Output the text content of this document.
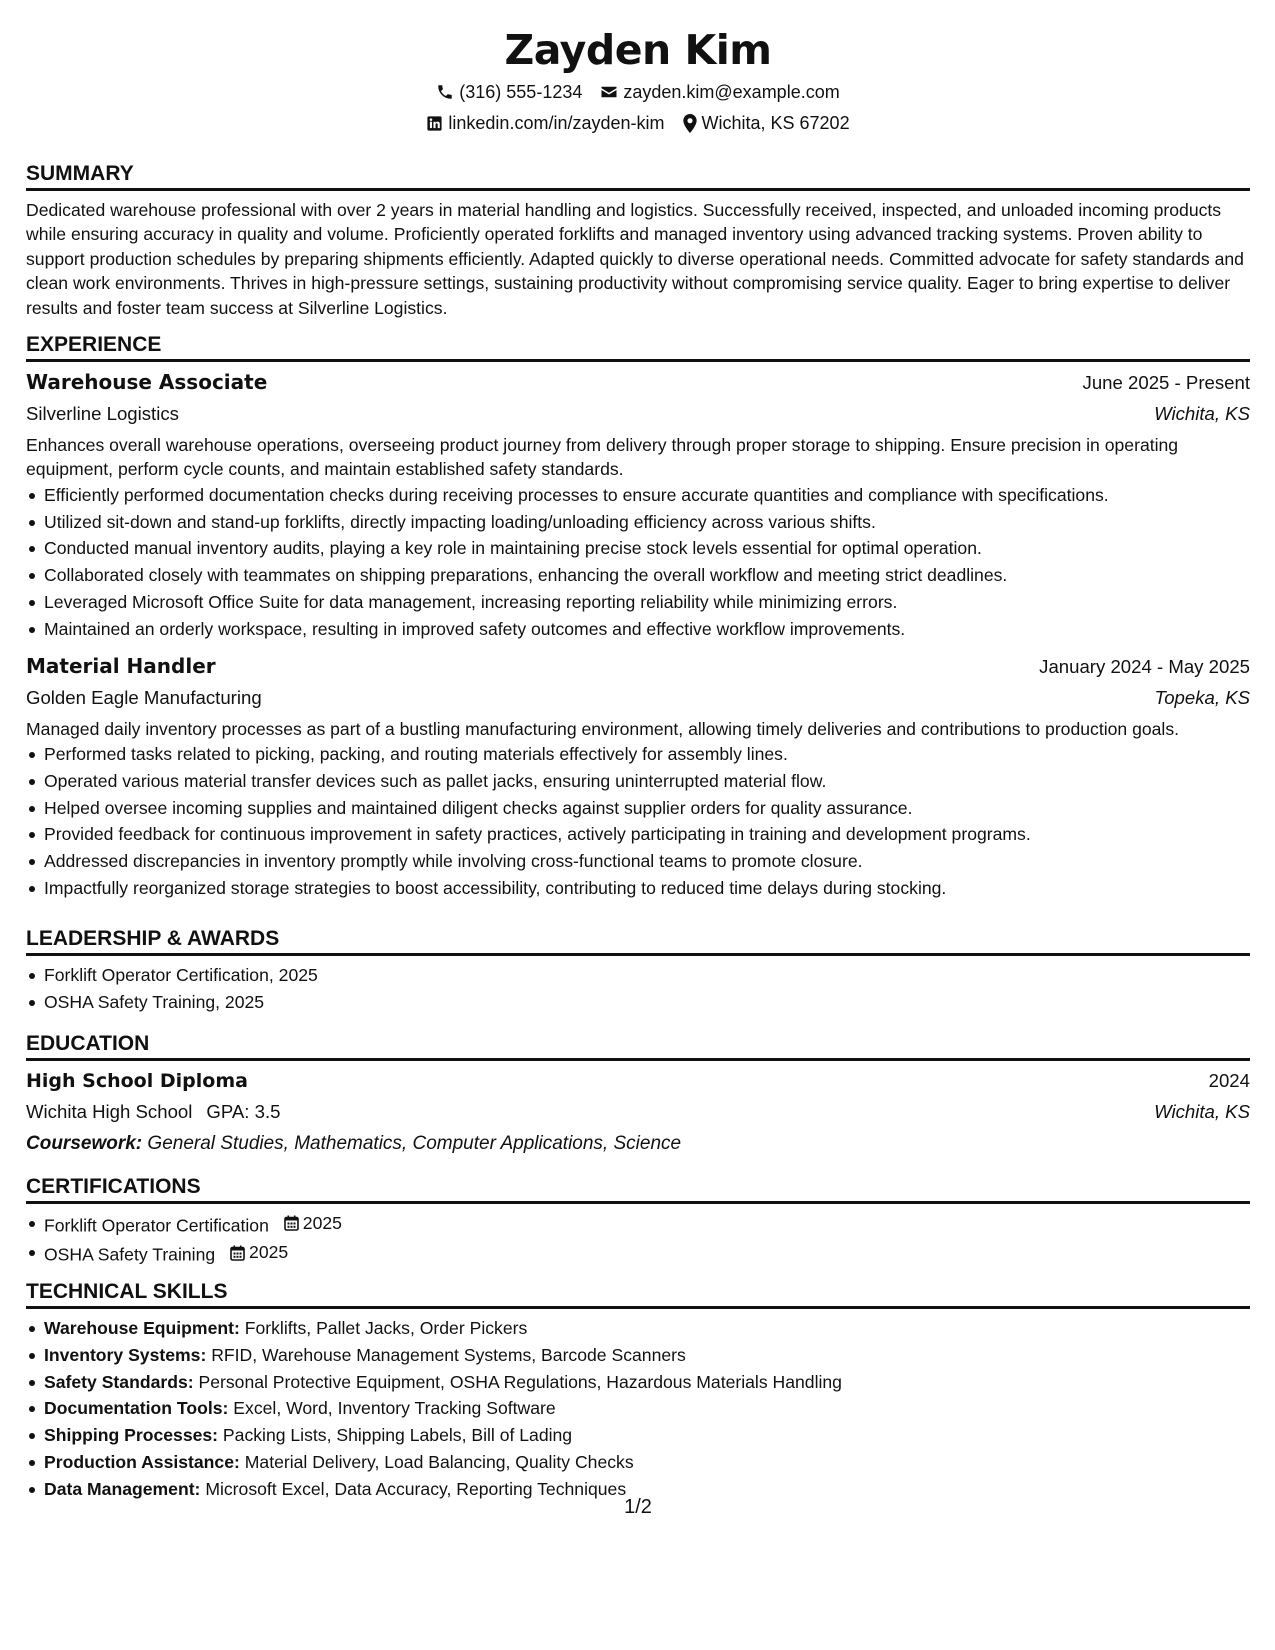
Zayden Kim
(316) 555-1234 zayden.kim@example.com
linkedin.com/in/zayden-kim Wichita, KS 67202
SUMMARY

Dedicated warehouse professional with over 2 years in material handling and logistics. Successfully received, inspected, and unloaded incoming products while ensuring accuracy in quality and volume. Proficiently operated forklifts and managed inventory using advanced tracking systems. Proven ability to support production schedules by preparing shipments efficiently. Adapted quickly to diverse operational needs. Committed advocate for safety standards and clean work environments. Thrives in high-pressure settings, sustaining productivity without compromising service quality. Eager to bring expertise to deliver results and foster team success at Silverline Logistics.

EXPERIENCE
Warehouse Associate	June 2025 - Present
Silverline Logistics	Wichita, KS

Enhances overall warehouse operations, overseeing product journey from delivery through proper storage to shipping. Ensure precision in operating equipment, perform cycle counts, and maintain established safety standards.

Efficiently performed documentation checks during receiving processes to ensure accurate quantities and compliance with specifications.
Utilized sit-down and stand-up forklifts, directly impacting loading/unloading efficiency across various shifts.
Conducted manual inventory audits, playing a key role in maintaining precise stock levels essential for optimal operation.
Collaborated closely with teammates on shipping preparations, enhancing the overall workflow and meeting strict deadlines.
Leveraged Microsoft Office Suite for data management, increasing reporting reliability while minimizing errors.
Maintained an orderly workspace, resulting in improved safety outcomes and effective workflow improvements.
Material Handler	January 2024 - May 2025
Golden Eagle Manufacturing	Topeka, KS

Managed daily inventory processes as part of a bustling manufacturing environment, allowing timely deliveries and contributions to production goals.

Performed tasks related to picking, packing, and routing materials effectively for assembly lines.
Operated various material transfer devices such as pallet jacks, ensuring uninterrupted material flow.
Helped oversee incoming supplies and maintained diligent checks against supplier orders for quality assurance.
Provided feedback for continuous improvement in safety practices, actively participating in training and development programs.
Addressed discrepancies in inventory promptly while involving cross-functional teams to promote closure.
Impactfully reorganized storage strategies to boost accessibility, contributing to reduced time delays during stocking.
LEADERSHIP & AWARDS
Forklift Operator Certification, 2025
OSHA Safety Training, 2025
EDUCATION
High School Diploma	2024
Wichita High School GPA: 3.5	Wichita, KS
Coursework: General Studies, Mathematics, Computer Applications, Science
CERTIFICATIONS
Forklift Operator Certification 2025
OSHA Safety Training 2025
TECHNICAL SKILLS
Warehouse Equipment: Forklifts, Pallet Jacks, Order Pickers
Inventory Systems: RFID, Warehouse Management Systems, Barcode Scanners
Safety Standards: Personal Protective Equipment, OSHA Regulations, Hazardous Materials Handling
Documentation Tools: Excel, Word, Inventory Tracking Software
Shipping Processes: Packing Lists, Shipping Labels, Bill of Lading
Production Assistance: Material Delivery, Load Balancing, Quality Checks
Data Management: Microsoft Excel, Data Accuracy, Reporting Techniques
1/2
